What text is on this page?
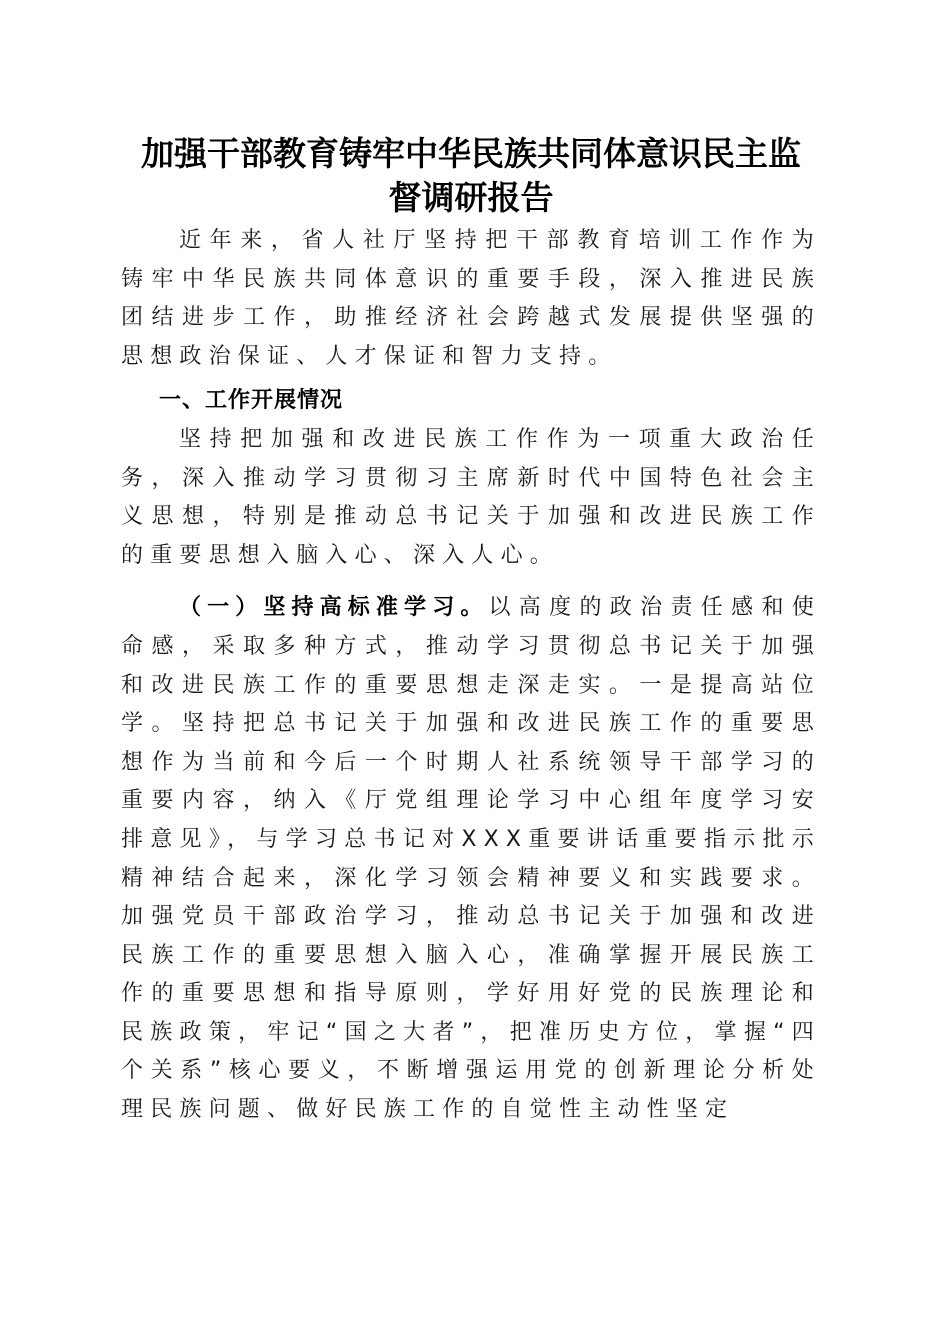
加强干部教育铸牢中华民族共同体意识民主监
督调研报告

近年来，省人社厅坚持把干部教育培训工作作为铸牢中华民族共同体意识的重要手段，深入推进民族团结进步工作，助推经济社会跨越式发展提供坚强的思想政治保证、人才保证和智力支持。

一、工作开展情况

坚持把加强和改进民族工作作为一项重大政治任务，深入推动学习贯彻习主席新时代中国特色社会主义思想，特别是推动总书记关于加强和改进民族工作的重要思想入脑入心、深入人心。

（一）坚持高标准学习。以高度的政治责任感和使命感，采取多种方式，推动学习贯彻总书记关于加强和改进民族工作的重要思想走深走实。一是提高站位学。坚持把总书记关于加强和改进民族工作的重要思想作为当前和今后一个时期人社系统领导干部学习的重要内容，纳入《厅党组理论学习中心组年度学习安排意见》，与学习总书记对XXX重要讲话重要指示批示精神结合起来，深化学习领会精神要义和实践要求。加强党员干部政治学习，推动总书记关于加强和改进民族工作的重要思想入脑入心，准确掌握开展民族工作的重要思想和指导原则，学好用好党的民族理论和民族政策，牢记“国之大者”，把准历史方位，掌握“四个关系”核心要义，不断增强运用党的创新理论分析处理民族问题、做好民族工作的自觉性主动性坚定
